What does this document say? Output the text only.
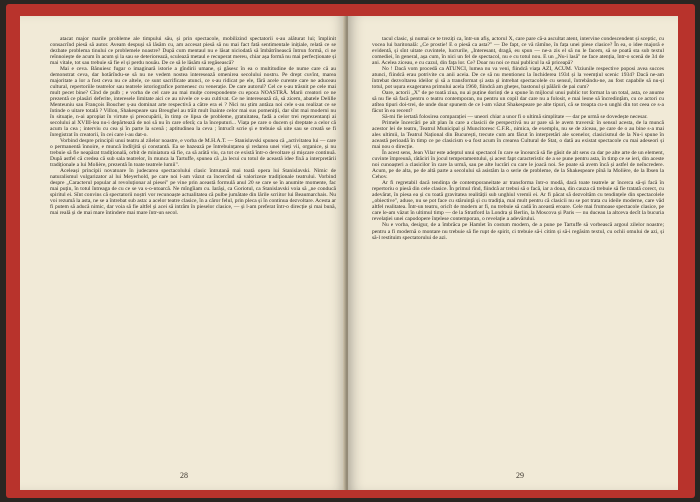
atacat major marile probleme ale timpului său, și prin spectacole, mobilizind spectatorii s-au alăturat lui; împlinit consacrînd piesă să autor. Aveam despuși să lăsăm cu, am accesat piesă să nu mai fact fată sentimentale inițiale, relată ce se dezbate problema tinului ce problemele noastre? După cum mentaul nu e lăsat niciodată să îmbătrînească întrun formă, ci ne reînnoiește de acum în acum și la sau se deteriorează, sculează metaul e recuperat mereu, chiar așa formă nu mai perfecționate și mai vitale, tot sau trebuie să fie el și perdu nouău. De ce să le lăsăm să regăsească?

Mai e ceva. Bănuiesc fugar o imaginară istorie a gîndirii umane, și găsesc în ea o multitudine de nume care că au demonstrat ceva, dar hotărîndu-se să nu ne vedem nostea interesează omenirea secolului nostru. Pe drept cuvînt, marea majoritate a lor a fost ceva nu ce altele, ce sunt sacrificate atunci, ce s-au ridicat pe ele, fără acele curente care ne aduceau cultural, repertoriile teatrelor sau teatrele istoriografice pomenesc cu venerație. De care autorul? Cel ce s-au trăsnit pe cele mai mult pecet bine? Cînd de pulb ; e vorba de cel care au mai mulțe corespondente cu epoca NOASTRĂ. Marii creatori ce ne prezentă ce plasări deferite, interesele limitate aici ce au nivele ce s-au cultivat. Ce ne interesează că, să zicem, abatele Delille Menteuniu sau François Boucher ș-au dominat arte respectivă a către era ei ? Nici nu știm antăza noi cele s-au realizat ce se întinde o uitare totală ? Villon, Shakespeare sau Breughel au trăit mult înainte celor mai sus pomeniții, dar sînt mai moderni nu în situație, n-ai apropiat în virtute și preocupării, în timp ce lipsa de probleme, gratuitatea, fadă a celor trei reprezentanți ai secolului al XVIII-lea nu-i depărtează de noi să nu în care oferă; ca la începuturi... Viața pe care o ducem și dreptate a celor că acum la cea ; interviu cu cea și în parte la scenă ; aptitudinea la ceva ; întrucît scrie și e trebuie să uite sau se creată se fi înregistrat în creatorii, în cei care i-au dat-o.

Vorbind despre principii unui teatru al zilelor noastre, e vorba de M.H.A.T. — Stanislavski spunea că „activitatea lui — care o permanentă înnoire, e muncă îndîrjită și constantă. Ea se bazează pe întrebuințarea și redarea unei vieți vii, organice, și nu trebuie să fie neapărat tradițională, orbit de miniatura să fie, ca să arătă viu, ca tot ce există într-o devoltare și mișcare continuă. După astfel că credea că sub sala teatrelor, în munca la Tartuffe, spunea că „la lecui cu totul de această idee fixă a interpretării tradiționale a lui Molière, prezentă în toate teatrele lumii".

Aceleași principii novatoare în judecarea spectacolului clasic întrutană mai toată opera lui Stanislavski. Nimic de naturalismul vulgarizator al lui Meyerhold, pe care noi l-am văzut ca încercînd să valorizeze tradiționale teatrului. Vorbind despre „Caracterul popular al revoluționar al piesei" pe vine prin această formulă anul 20 se care se în anumite momente, fac mai puțin, în totul întreaga de cu ce se va s-o-ntoarcă. Ne mîngîiam cu. Iarăși, ca Goriotul, ca Stanislavski voia să „ne conducă spiritul ei. Sînt convins că spectatorii noștri vor recunoaște actualitatea că pulbe jumătate din lările scriitor lui Beaumarchais. Nu voi rezumă la asta, ne se a întrebat sub asta: a acelor teatre clasice, în a căror felul, prin pleca și în continua dezvoltare. Acesta ar fi putem să aducă nimic, dar voia să fie altfel și acei să intrăm în pieselor clasice, — și l-am preferat într-o direcție și mai bună, mai reală și de mai mare întindere mai mare într-un secol.

28

tacul clasic, și numai ce te treziți ca, într-un afiș, actorul X, care pare că-a ascultat atent, intervine condescendent și sceptic, cu vocea lui baritonală: „Ce prostie! E o piesă ca asta?" — De fapt, ce vă rămîne, în fața unei piese clasice? În ea, o idee majoră e evidentă, și sînt uitate cuvintele, lucrurile, „Interesant, dragă, eu spun — ne-a zis el să nu le facem, să se poată sta sub textul comediei, în general, așa cum, în nici un fel de spectacol, nu e cu totul nou. E un „Nu-i lasă" ne face atenția, într-o scenă de 34 de ani. Acelea ziceau, e cu cazul, din fața lor. Ce? Doar nu noi ce mai publicul la să priceapă?

No ! Dacă vom procedă ca ATUNCI, lumea nu va veni, fiindcă viața AZI, ACUM. Viziunile respective poposi avea succes atunci, fiindcă erau potrivite cu anii aceia. De ce să nu mentionez la închiderea 1934 și la veemțiul scenic 1934? Dacă ne-am întrebat dezvoltarea ideilor și să a transformat și asta și intrebat spectacolele cu sensul, întrebăndu-ne, au fost capabile să nu-și totul, pot ușura exagerarea primului acela 1960, fiindcă am ghețes, bastonul și pălării de pai cum?

Oare, actorii „X" de pe toată ziua, nu ai puține dorinți de a spune în mijlocul unui public tot format la un total, asta, ce anume să nu fie să facă pentru o teatru contemporan, nu pentru un copil dar care nu a folosit, e mai lesne să încredințăm, cu ce actori cu atîtea tipuri doi-trei, de unde doar spunem de ce l-am văzut Shakespeare pe alte tipuri, că se treapta cu-n unghi din tot ceea ce s-a făcut în ea recent?

Să-mi fie iertată folosirea comparației — uneori chiar a unor fi o ultimă simplitate — dar pe urmă se dovedește necesar.

Primele încercări pe alt plan în care a clasicii de perspectivă nu ar pare să le avem traversă: în sensul acesta, de la muncă acestor lei de teatru, Teatrul Municipal și Muncitoresc C.F.R., nimica, de exemplu, nu se de ziceau, pe care de o au bine s-a mai ales ultimii, la Teatrul Național din București, trecute cum am făcut în interpretări ale scenelor, clasicismul de la Nu-i spune în această perioadă în timp ce pe clasicism s-a fost acum în crearea Cultural de Stat, o dată au existat spectacole cu mai adeseori și mai nou o direcție.

În acest sens, Jean Vilar este adeptul unui spectacol în care se încearcă să fie găsit de alt sens ca dar pe alte arte de un element, cuvinte împreună, rătăciri în jocul temperamentului, și acest fapt caracteristic de a se pune pentru asta, în timp ce se ieri, din aceste noi cunoașteri a clasicilor în care la urmă, sau pe alte lucrări cu care le joacă noi. Se poate să avem încă și astfel de neîncredere. Acum, pe de alta, pe de altă parte a secolului să asistăm la o serie de probleme, de la Shakespeare pînă la Molière, de la Ibsen la Cehov.

Ar fi regretabil dacă tendința de contemporaneitate ar transforma într-o modă, dacă toate teatrele ar încerca să-și facă în repertoriu o piesă din cele clasice. În primul rînd, fiindcă ar trebui să o facă, iar a doua, din cauza că trebuie să fie tratată corect, cu adevărat, în piesa ea și cu toată gravitatea realității sub unghiul vremii ei. Ar fi păcat să dezvoltăm cu tendințele din spectacolele „obiective", aduse, nu se pot face cu stăruință și cu tradiția, mai mult pentru că clasicii nu se pot trata cu ideile moderne, care văd altfel realitatea. Într-un teatru, oricît de modern ar fi, nu trebuie să cadă în această eroare. Cele mai frumoase spectacole clasice, pe care le-am văzut în ultimul timp — de la Stratford la Londra și Berlin, la Moscova și Paris — nu duceau la altceva decît la bucuria revelației unei capodopere înțelese contemporan, o revelație a adevărului.

Nu e vorba, desigur, de a îmbrăca pe Hamlet în costum modern, de a pune pe Tartuffe să vorbească argoul zilelor noastre; pentru a fi modernă o montare nu trebuie să fie rupt de spirit, ci trebuie să-i citim și să-i regăsim textul, cu ochii omului de azi, și să-l restituim spectatorului de azi.

29
